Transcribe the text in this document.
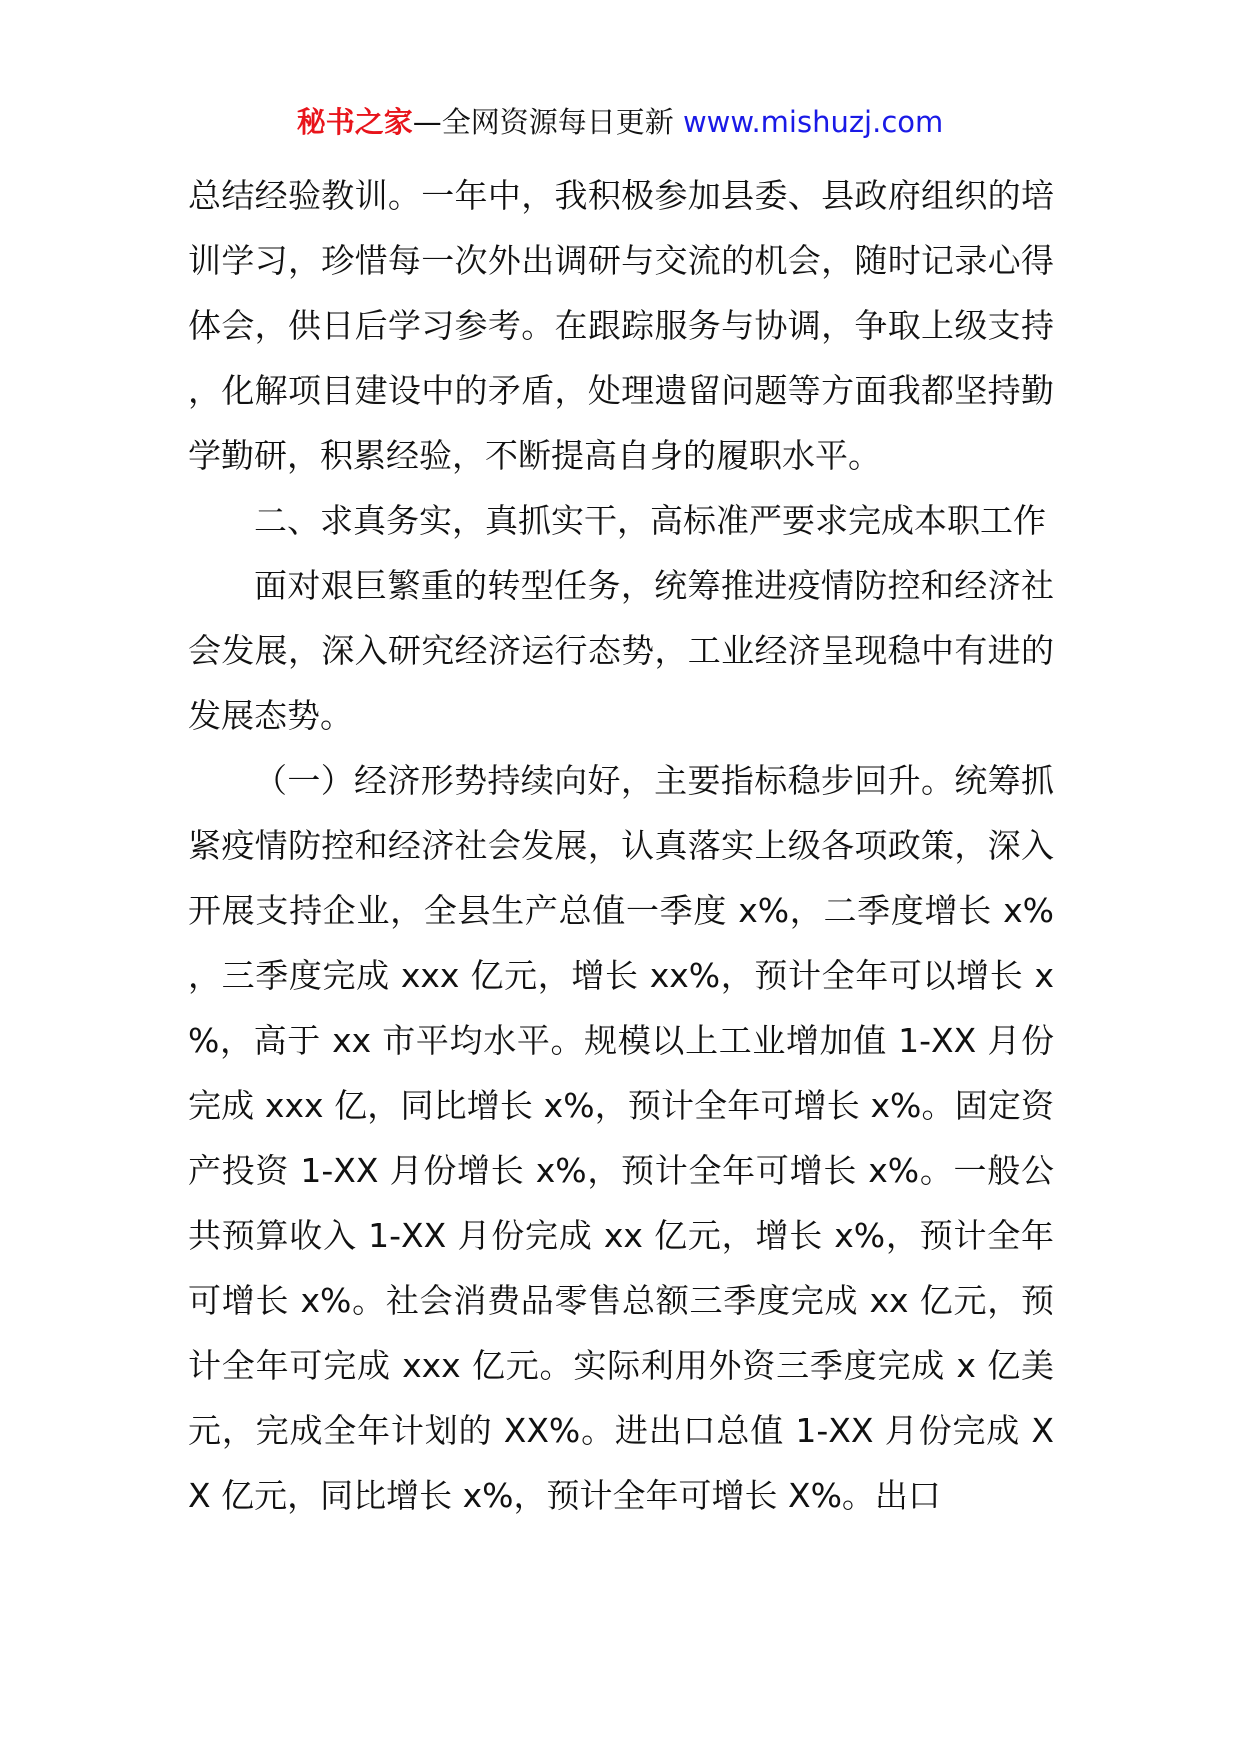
秘书之家—全网资源每日更新 www.mishuzj.com

总结经验教训。一年中，我积极参加县委、县政府组织的培训学习，珍惜每一次外出调研与交流的机会，随时记录心得体会，供日后学习参考。在跟踪服务与协调，争取上级支持，化解项目建设中的矛盾，处理遗留问题等方面我都坚持勤学勤研，积累经验，不断提高自身的履职水平。

二、求真务实，真抓实干，高标准严要求完成本职工作

面对艰巨繁重的转型任务，统筹推进疫情防控和经济社会发展，深入研究经济运行态势，工业经济呈现稳中有进的发展态势。

（一）经济形势持续向好，主要指标稳步回升。统筹抓紧疫情防控和经济社会发展，认真落实上级各项政策，深入开展支持企业，全县生产总值一季度 x%，二季度增长 x%，三季度完成 xxx 亿元，增长 xx%，预计全年可以增长 x%，高于 xx 市平均水平。规模以上工业增加值 1-XX 月份完成 xxx 亿，同比增长 x%，预计全年可增长 x%。固定资产投资 1-XX 月份增长 x%，预计全年可增长 x%。一般公共预算收入 1-XX 月份完成 xx 亿元，增长 x%，预计全年可增长 x%。社会消费品零售总额三季度完成 xx 亿元，预计全年可完成 xxx 亿元。实际利用外资三季度完成 x 亿美元，完成全年计划的 XX%。进出口总值 1-XX 月份完成 XX 亿元，同比增长 x%，预计全年可增长 X%。出口
